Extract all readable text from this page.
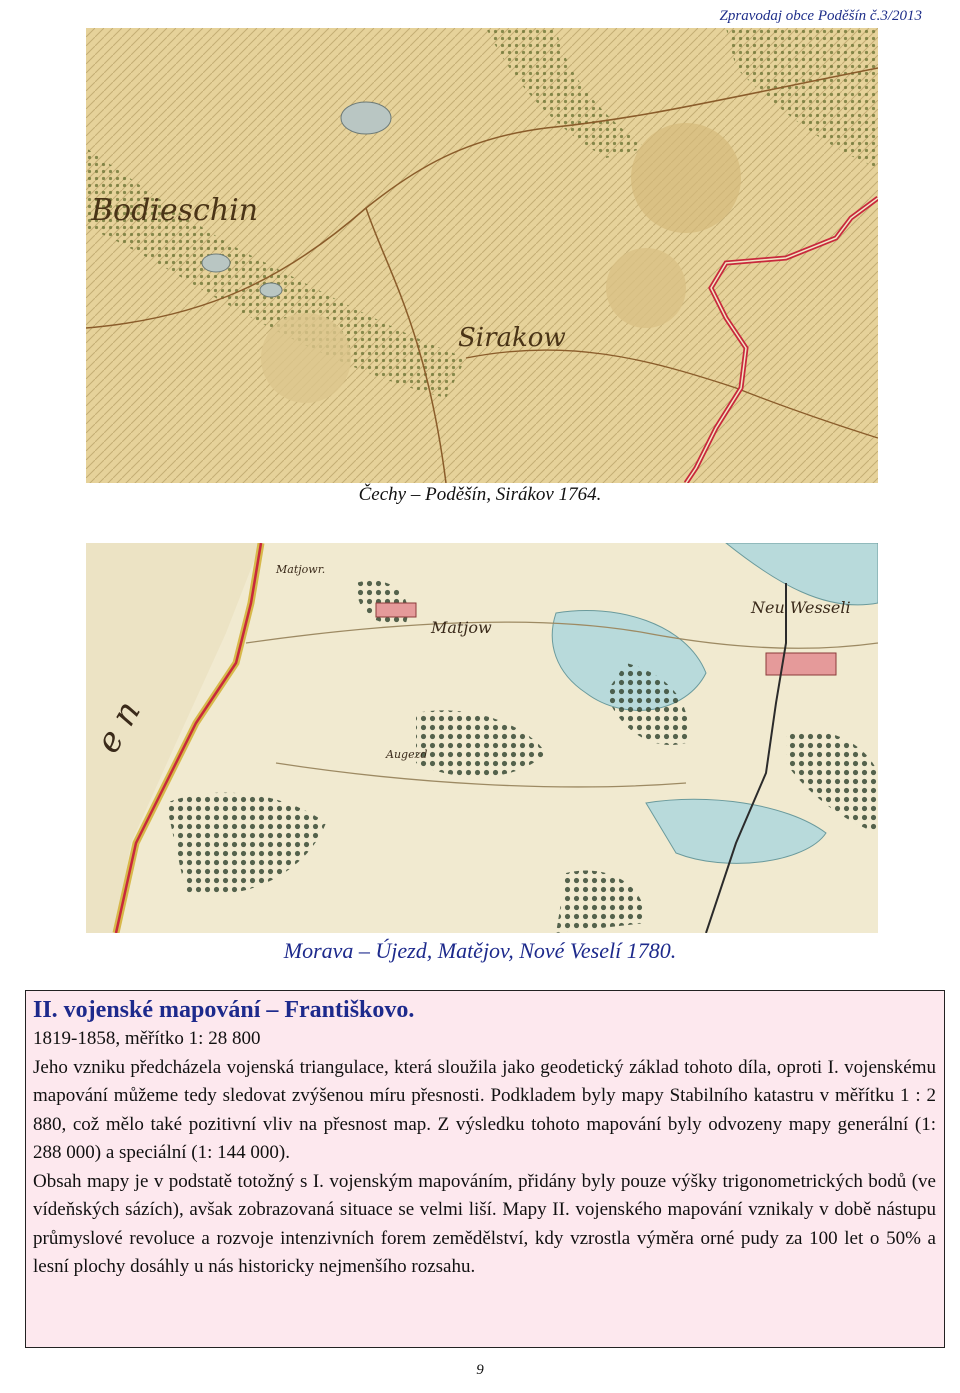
Zpravodaj obce Poděšín č.3/2013
Bodieschin
Sirakow
Čechy – Poděšín, Sirákov 1764.
Matjowr.
Matjow
Neu Wesseli
Augezd
e n
Morava – Újezd, Matějov, Nové Veselí 1780.
II. vojenské mapování – Františkovo.

1819-1858, měřítko 1: 28 800

Jeho vzniku předcházela vojenská triangulace, která sloužila jako geodetický základ tohoto díla, oproti I. vojenskému mapování můžeme tedy sledovat zvýšenou míru přesnosti. Podkladem byly mapy Stabilního katastru v měřítku 1 : 2 880, což mělo také pozitivní vliv na přesnost map. Z výsledku tohoto mapování byly odvozeny mapy generální (1: 288 000) a speciální (1: 144 000).

Obsah mapy je v podstatě totožný s I. vojenským mapováním, přidány byly pouze výšky trigonometrických bodů (ve vídeňských sázích), avšak zobrazovaná situace se velmi liší. Mapy II. vojenského mapování vznikaly v době nástupu průmyslové revoluce a rozvoje intenzivních forem zemědělství, kdy vzrostla výměra orné pudy za 100 let o 50% a lesní plochy dosáhly u nás historicky nejmenšího rozsahu.

9
